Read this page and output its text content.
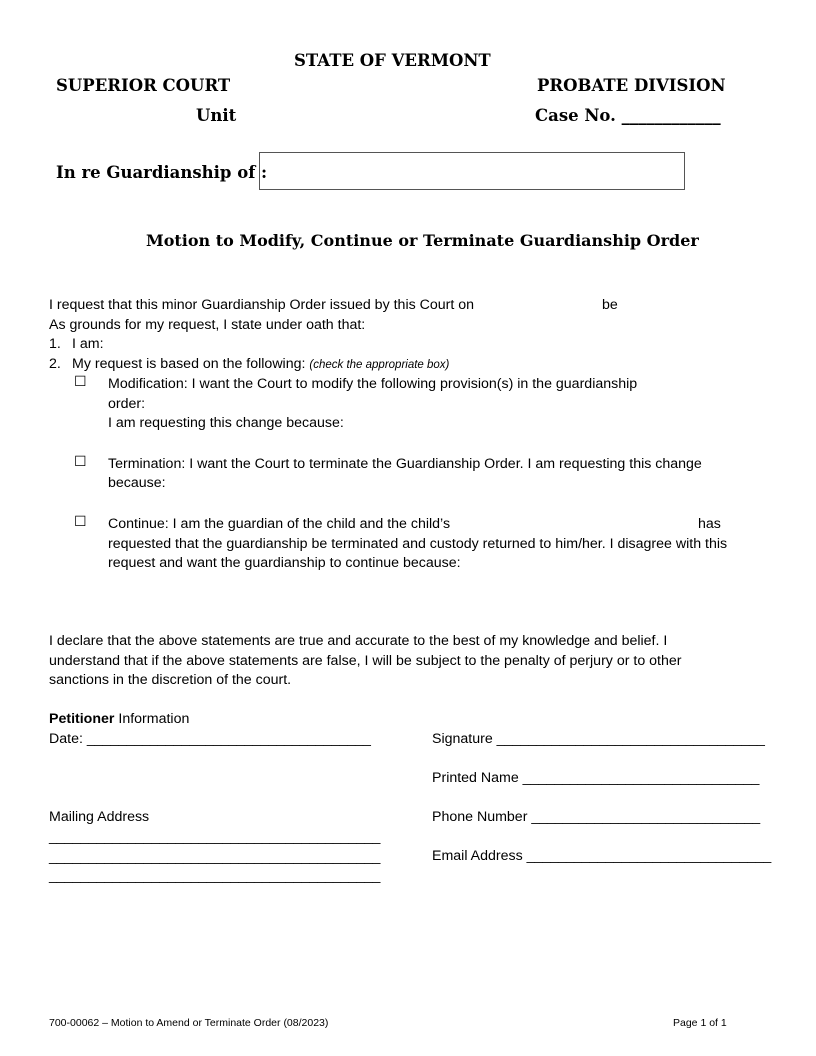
STATE OF VERMONT
SUPERIOR COURT	PROBATE DIVISION
Unit	Case No. ____________
In re Guardianship of :
Motion to Modify, Continue or Terminate Guardianship Order
I request that this minor Guardianship Order issued by this Court on	be
As grounds for my request, I state under oath that:
1. I am:
2. My request is based on the following: (check the appropriate box)
☐ Modification: I want the Court to modify the following provision(s) in the guardianship
order:
I am requesting this change because:
☐ Termination: I want the Court to terminate the Guardianship Order. I am requesting this change
because:
☐ Continue: I am the guardian of the child and the child’s	has
requested that the guardianship be terminated and custody returned to him/her. I disagree with this
request and want the guardianship to continue because:
I declare that the above statements are true and accurate to the best of my knowledge and belief. I
understand that if the above statements are false, I will be subject to the penalty of perjury or to other
sanctions in the discretion of the court.
Petitioner Information
Date: ____________________________________	Signature __________________________________
Printed Name ______________________________
Mailing Address	Phone Number _____________________________
__________________________________________
__________________________________________	Email Address _______________________________
__________________________________________
700-00062 – Motion to Amend or Terminate Order (08/2023)	Page 1 of 1
